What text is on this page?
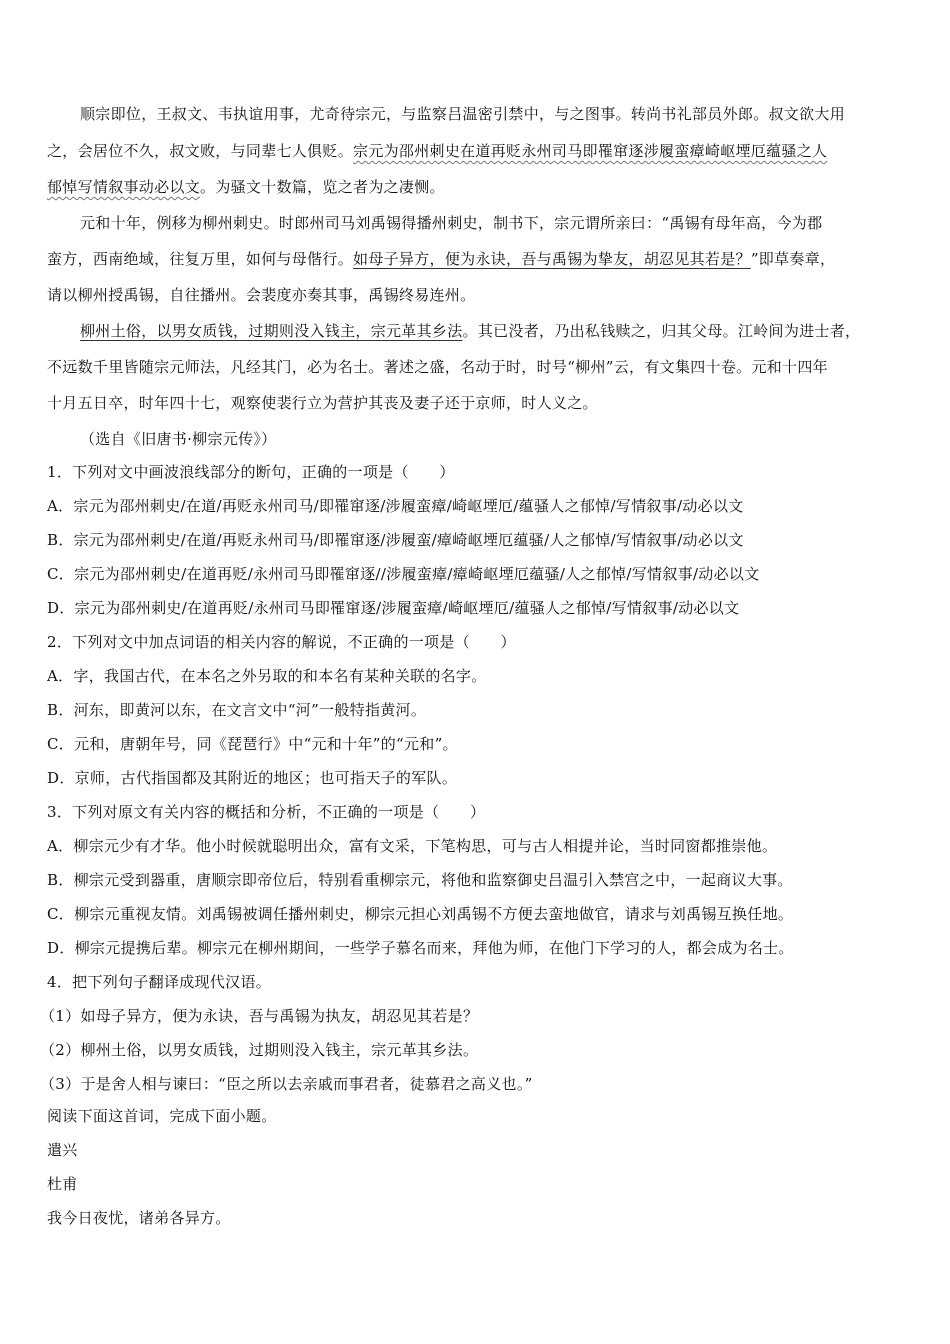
顺宗即位，王叔文、韦执谊用事，尤奇待宗元，与监察吕温密引禁中，与之图事。转尚书礼部员外郎。叔文欲大用
之，会居位不久，叔文败，与同辈七人俱贬。宗元为邵州刺史在道再贬永州司马即罹窜逐涉履蛮瘴崎岖堙厄蕴骚之人
郁悼写情叙事动必以文。为骚文十数篇，览之者为之凄恻。
元和十年，例移为柳州刺史。时郎州司马刘禹锡得播州刺史，制书下，宗元谓所亲曰：“禹锡有母年高，今为郡
蛮方，西南绝域，往复万里，如何与母偕行。如母子异方，便为永诀，吾与禹锡为挚友，胡忍见其若是？”即草奏章，
请以柳州授禹锡，自往播州。会裴度亦奏其事，禹锡终易连州。
柳州土俗，以男女质钱，过期则没入钱主，宗元革其乡法。其已没者，乃出私钱赎之，归其父母。江岭间为进士者，
不远数千里皆随宗元师法，凡经其门，必为名士。著述之盛，名动于时，时号“柳州”云，有文集四十卷。元和十四年
十月五日卒，时年四十七，观察使裴行立为营护其丧及妻子还于京师，时人义之。
（选自《旧唐书·柳宗元传》）
1．下列对文中画波浪线部分的断句，正确的一项是（　　）
A．宗元为邵州刺史/在道/再贬永州司马/即罹窜逐/涉履蛮瘴/崎岖堙厄/蕴骚人之郁悼/写情叙事/动必以文
B．宗元为邵州刺史/在道/再贬永州司马/即罹窜逐/涉履蛮/瘴崎岖堙厄蕴骚/人之郁悼/写情叙事/动必以文
C．宗元为邵州刺史/在道再贬/永州司马即罹窜逐//涉履蛮瘴/瘴崎岖堙厄蕴骚/人之郁悼/写情叙事/动必以文
D．宗元为邵州刺史/在道再贬/永州司马即罹窜逐/涉履蛮瘴/崎岖堙厄/蕴骚人之郁悼/写情叙事/动必以文
2．下列对文中加点词语的相关内容的解说，不正确的一项是（　　）
A．字，我国古代，在本名之外另取的和本名有某种关联的名字。
B．河东，即黄河以东，在文言文中“河”一般特指黄河。
C．元和，唐朝年号，同《琵琶行》中“元和十年”的“元和”。
D．京师，古代指国都及其附近的地区；也可指天子的军队。
3．下列对原文有关内容的概括和分析，不正确的一项是（　　）
A．柳宗元少有才华。他小时候就聪明出众，富有文采，下笔构思，可与古人相提并论，当时同窗都推崇他。
B．柳宗元受到器重，唐顺宗即帝位后，特别看重柳宗元，将他和监察御史吕温引入禁宫之中，一起商议大事。
C．柳宗元重视友情。刘禹锡被调任播州刺史，柳宗元担心刘禹锡不方便去蛮地做官，请求与刘禹锡互换任地。
D．柳宗元提携后辈。柳宗元在柳州期间，一些学子慕名而来，拜他为师，在他门下学习的人，都会成为名士。
4．把下列句子翻译成现代汉语。
（1）如母子异方，便为永诀，吾与禹锡为执友，胡忍见其若是？
（2）柳州土俗，以男女质钱，过期则没入钱主，宗元革其乡法。
（3）于是舍人相与谏曰：“臣之所以去亲戚而事君者，徒慕君之高义也。”
阅读下面这首词，完成下面小题。
遣兴
杜甫
我今日夜忧，诸弟各异方。
